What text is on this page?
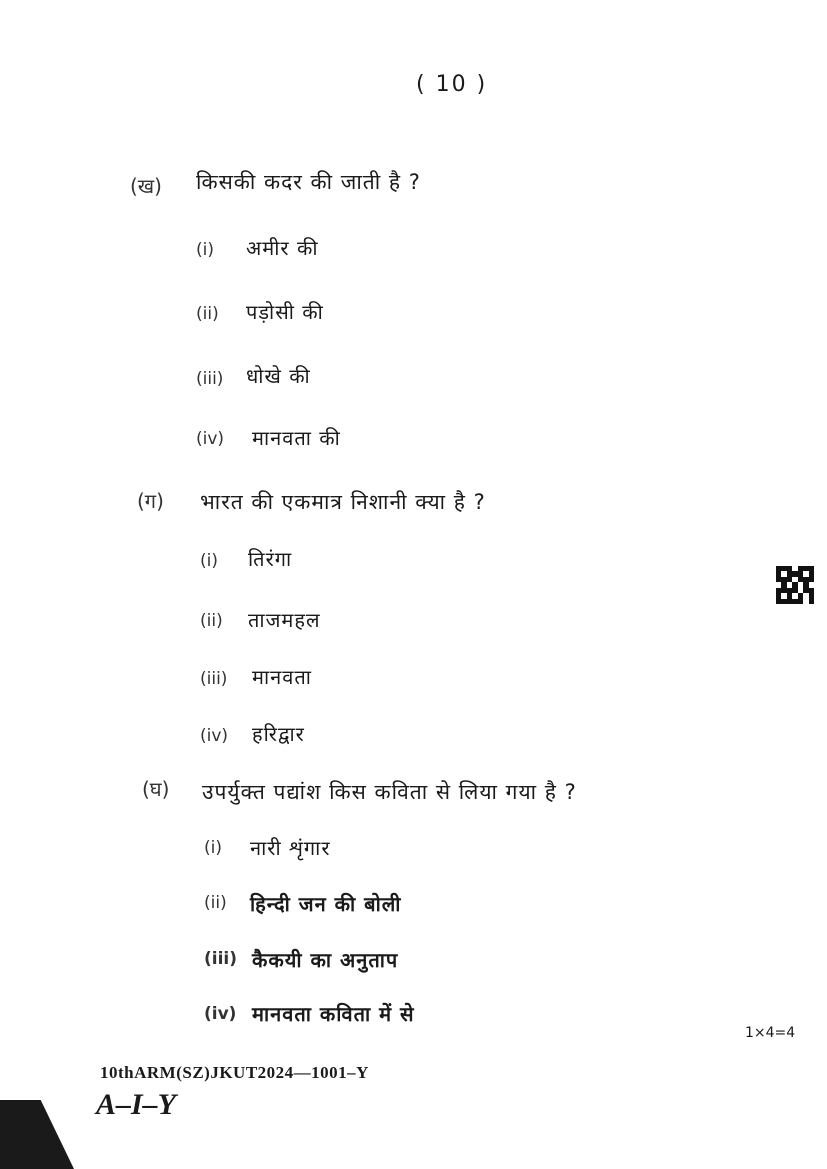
( 10 )
(ख) किसकी कदर की जाती है ?
(i) अमीर की
(ii) पड़ोसी की
(iii) धोखे की
(iv) मानवता की
(ग) भारत की एकमात्र निशानी क्या है ?
(i) तिरंगा
(ii) ताजमहल
(iii) मानवता
(iv) हरिद्वार
(घ) उपर्युक्त पद्यांश किस कविता से लिया गया है ?
(i) नारी शृंगार
(ii) हिन्दी जन की बोली
(iii) कैकयी का अनुताप
(iv) मानवता कविता में से
1×4=4
10thARM(SZ)JKUT2024—1001–Y
A–I–Y
